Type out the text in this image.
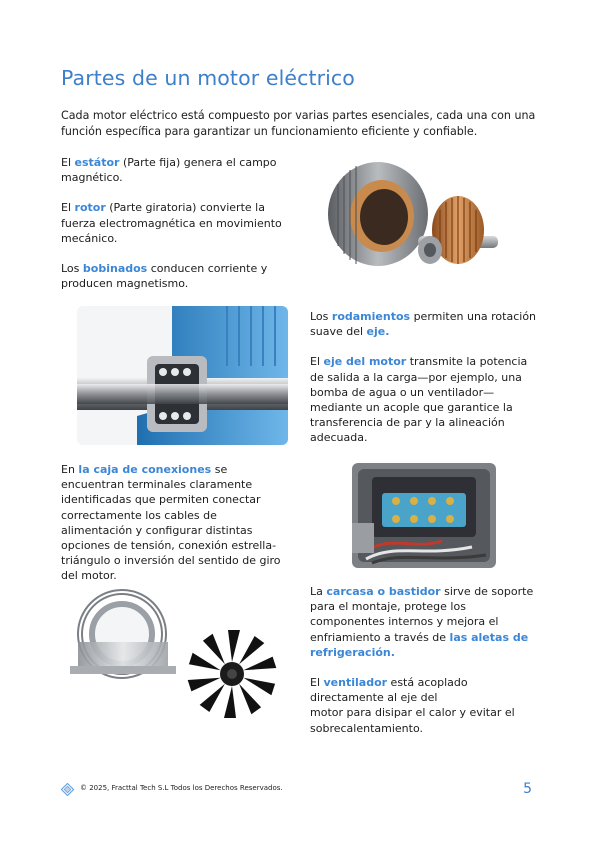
Partes de un motor eléctrico
Cada motor eléctrico está compuesto por varias partes esenciales, cada una con una función específica para garantizar un funcionamiento eficiente y confiable.
El estátor (Parte fija) genera el campo magnético.
El rotor (Parte giratoria) convierte la fuerza electromagnética en movimiento mecánico.
Los bobinados conducen corriente y producen magnetismo.
Los rodamientos permiten una rotación suave del eje.
El eje del motor transmite la potencia de salida a la carga—por ejemplo, una bomba de agua o un ventilador—mediante un acople que garantice la transferencia de par y la alineación adecuada.
En la caja de conexiones se encuentran terminales claramente identificadas que permiten conectar correctamente los cables de alimentación y configurar distintas opciones de tensión, conexión estrella-triángulo o inversión del sentido de giro del motor.
La carcasa o bastidor sirve de soporte para el montaje, protege los componentes internos y mejora el enfriamiento a través de las aletas de refrigeración.
El ventilador está acoplado directamente al eje del
motor para disipar el calor y evitar el sobrecalentamiento.
© 2025, Fracttal Tech S.L Todos los Derechos Reservados.	5
